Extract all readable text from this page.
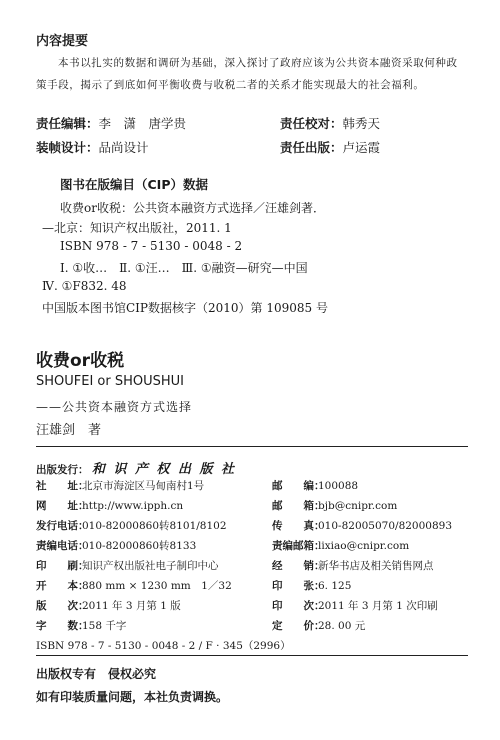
内容提要
本书以扎实的数据和调研为基础，深入探讨了政府应该为公共资本融资采取何种政策手段，揭示了到底如何平衡收费与收税二者的关系才能实现最大的社会福利。
责任编辑：李　潇　唐学贵	责任校对：韩秀天
装帧设计：品尚设计	责任出版：卢运霞
图书在版编目（CIP）数据
收费or收税：公共资本融资方式选择／汪雄剑著．
—北京：知识产权出版社，2011. 1
ISBN 978 - 7 - 5130 - 0048 - 2
Ⅰ. ①收…　Ⅱ. ①汪…　Ⅲ. ①融资—研究—中国
Ⅳ. ①F832. 48
中国版本图书馆CIP数据核字（2010）第 109085 号
收费or收税
SHOUFEI or SHOUSHUI
——公共资本融资方式选择
汪雄剑　著
出版发行： 和 识 产 权 出 版 社
社　　址：北京市海淀区马甸南村1号
网　　址：http://www.ipph.cn
发行电话：010-82000860转8101/8102
责编电话：010-82000860转8133
印　　刷：知识产权出版社电子制印中心
开　　本：880 mm × 1230 mm　1／32
版　　次：2011 年 3 月第 1 版
字　　数：158 千字
邮　　编：100088
邮　　箱：bjb@cnipr.com
传　　真：010-82005070/82000893
责编邮箱：lixiao@cnipr.com
经　　销：新华书店及相关销售网点
印　　张：6. 125
印　　次：2011 年 3 月第 1 次印刷
定　　价：28. 00 元
ISBN 978 - 7 - 5130 - 0048 - 2 / F · 345（2996）
出版权专有　侵权必究
如有印装质量问题，本社负责调换。
